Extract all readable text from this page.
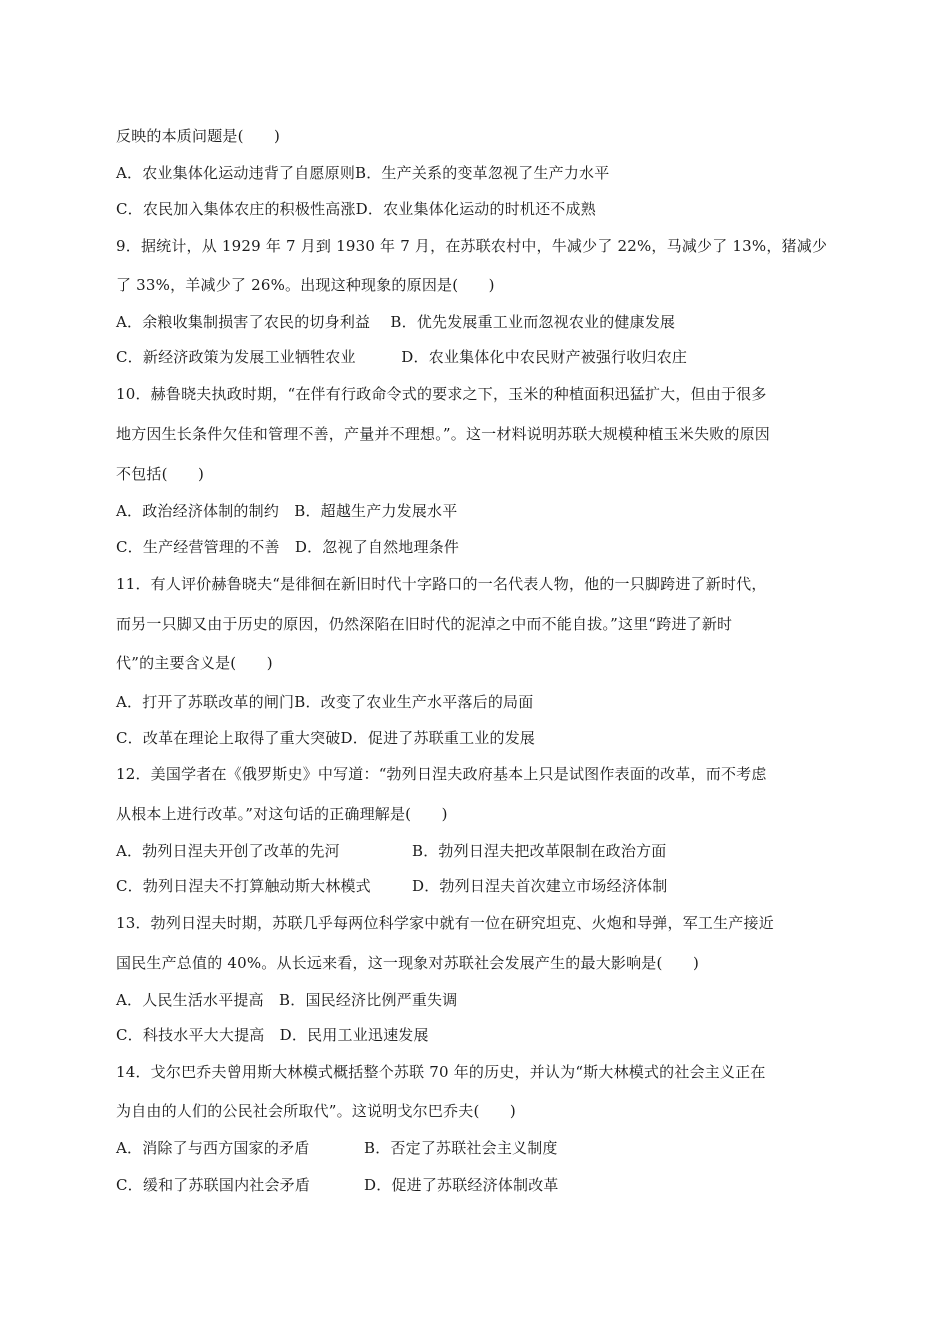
反映的本质问题是(　　)
A．农业集体化运动违背了自愿原则B．生产关系的变革忽视了生产力水平
C．农民加入集体农庄的积极性高涨D．农业集体化运动的时机还不成熟
9．据统计，从 1929 年 7 月到 1930 年 7 月，在苏联农村中，牛减少了 22%，马减少了 13%，猪减少
了 33%，羊减少了 26%。出现这种现象的原因是(　　)
A．余粮收集制损害了农民的切身利益　 B．优先发展重工业而忽视农业的健康发展
C．新经济政策为发展工业牺牲农业　　　D．农业集体化中农民财产被强行收归农庄
10．赫鲁晓夫执政时期，“在伴有行政命令式的要求之下，玉米的种植面积迅猛扩大，但由于很多
地方因生长条件欠佳和管理不善，产量并不理想。”。这一材料说明苏联大规模种植玉米失败的原因
不包括(　　)
A．政治经济体制的制约　B．超越生产力发展水平
C．生产经营管理的不善　D．忽视了自然地理条件
11．有人评价赫鲁晓夫“是徘徊在新旧时代十字路口的一名代表人物，他的一只脚跨进了新时代，
而另一只脚又由于历史的原因，仍然深陷在旧时代的泥淖之中而不能自拔。”这里“跨进了新时
代”的主要含义是(　　)
A．打开了苏联改革的闸门B．改变了农业生产水平落后的局面
C．改革在理论上取得了重大突破D．促进了苏联重工业的发展
12．美国学者在《俄罗斯史》中写道：“勃列日涅夫政府基本上只是试图作表面的改革，而不考虑
从根本上进行改革。”对这句话的正确理解是(　　)
A．勃列日涅夫开创了改革的先河	B．勃列日涅夫把改革限制在政治方面
C．勃列日涅夫不打算触动斯大林模式	D．勃列日涅夫首次建立市场经济体制
13．勃列日涅夫时期，苏联几乎每两位科学家中就有一位在研究坦克、火炮和导弹，军工生产接近
国民生产总值的 40%。从长远来看，这一现象对苏联社会发展产生的最大影响是(　　)
A．人民生活水平提高　B．国民经济比例严重失调
C．科技水平大大提高　D．民用工业迅速发展
14．戈尔巴乔夫曾用斯大林模式概括整个苏联 70 年的历史，并认为“斯大林模式的社会主义正在
为自由的人们的公民社会所取代”。这说明戈尔巴乔夫(　　)
A．消除了与西方国家的矛盾	B．否定了苏联社会主义制度
C．缓和了苏联国内社会矛盾	D．促进了苏联经济体制改革
